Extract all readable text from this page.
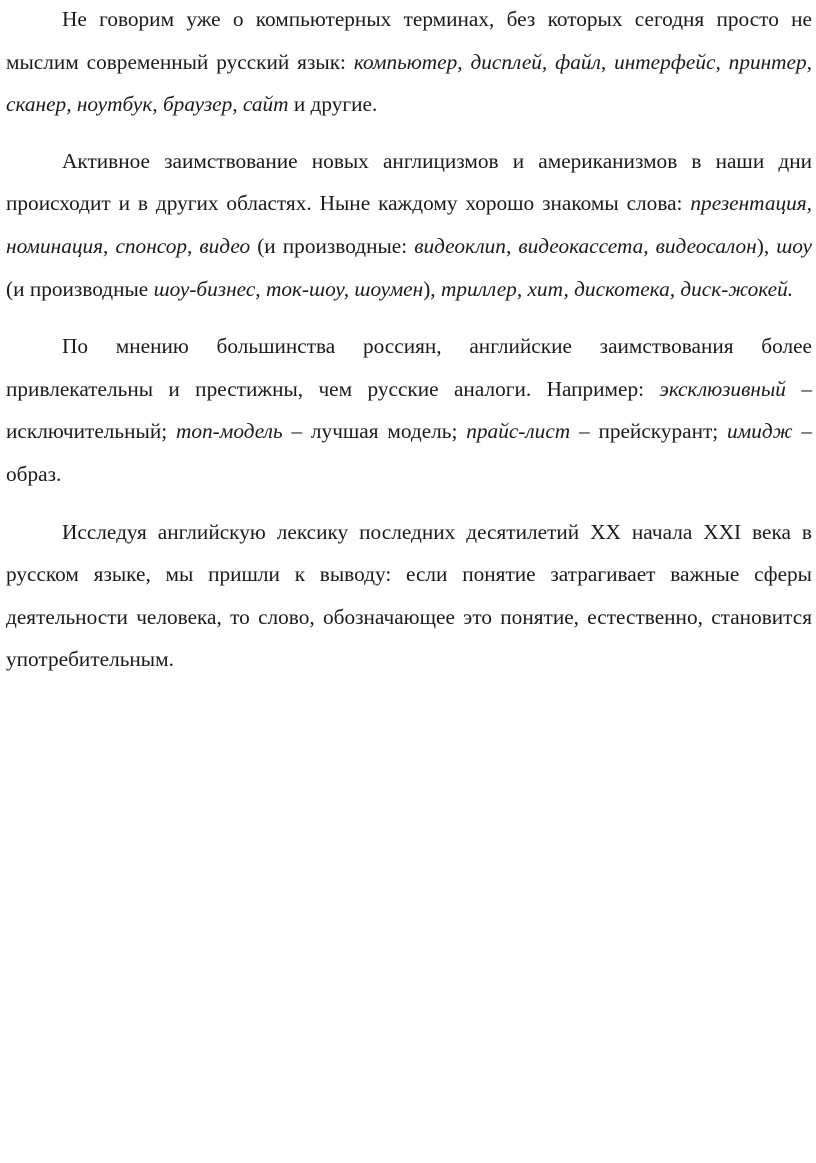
Не говорим уже о компьютерных терминах, без которых сегодня просто не мыслим современный русский язык: компьютер, дисплей, файл, интерфейс, принтер, сканер, ноутбук, браузер, сайт и другие.

Активное заимствование новых англицизмов и американизмов в наши дни происходит и в других областях. Ныне каждому хорошо знакомы слова: презентация, номинация, спонсор, видео (и производные: видеоклип, видеокассета, видеосалон), шоу (и производные шоу-бизнес, ток-шоу, шоумен), триллер, хит, дискотека, диск-жокей.

По мнению большинства россиян, английские заимствования более привлекательны и престижны, чем русские аналоги. Например: эксклюзивный – исключительный; топ-модель – лучшая модель; прайс-лист – прейскурант; имидж – образ.

Исследуя английскую лексику последних десятилетий XX начала XXI века в русском языке, мы пришли к выводу: если понятие затрагивает важные сферы деятельности человека, то слово, обозначающее это понятие, естественно, становится употребительным.
